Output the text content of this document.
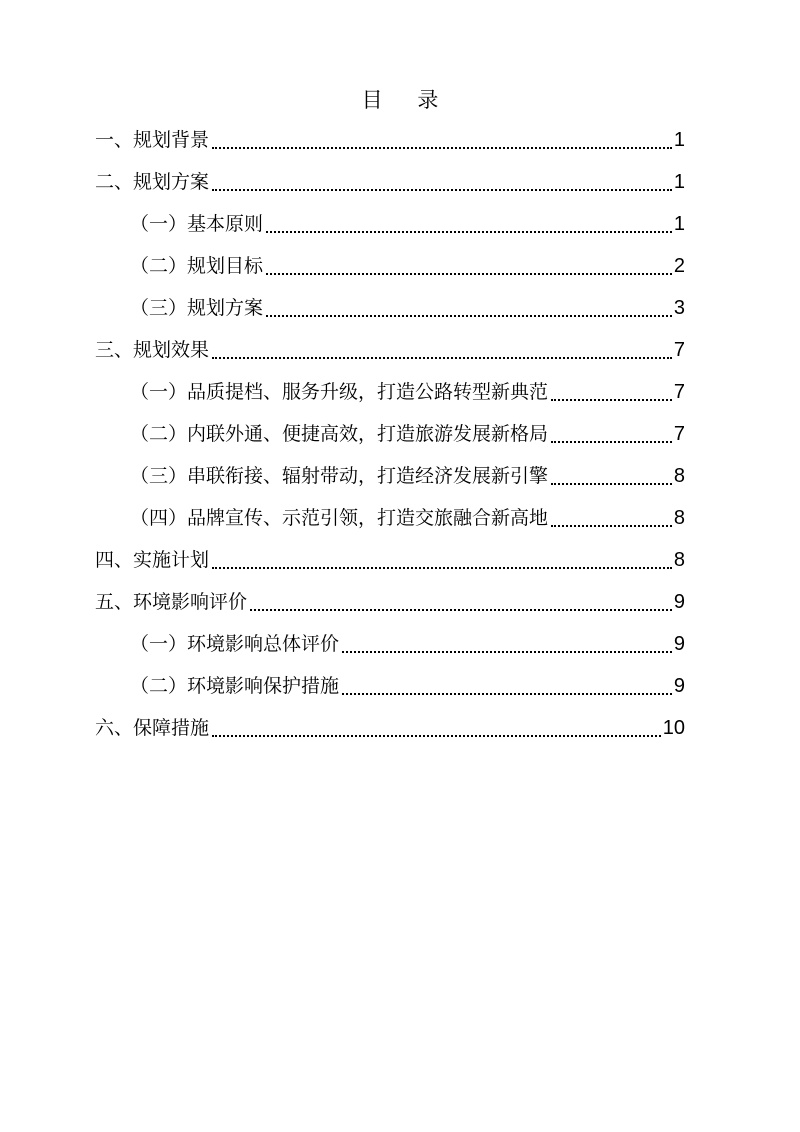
目 录
一、规划背景	1
二、规划方案	1
（一）基本原则	1
（二）规划目标	2
（三）规划方案	3
三、规划效果	7
（一）品质提档、服务升级，打造公路转型新典范	7
（二）内联外通、便捷高效，打造旅游发展新格局	7
（三）串联衔接、辐射带动，打造经济发展新引擎	8
（四）品牌宣传、示范引领，打造交旅融合新高地	8
四、实施计划	8
五、环境影响评价	9
（一）环境影响总体评价	9
（二）环境影响保护措施	9
六、保障措施	10
